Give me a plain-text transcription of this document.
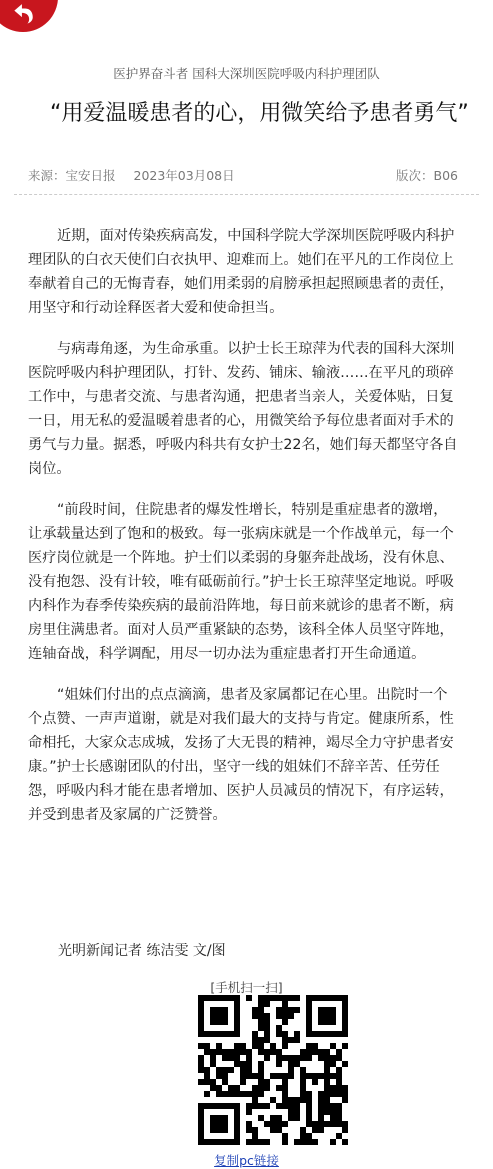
医护界奋斗者 国科大深圳医院呼吸内科护理团队
“用爱温暖患者的心，用微笑给予患者勇气”
来源：宝安日报 2023年03月08日	版次：B06

近期，面对传染疾病高发，中国科学院大学深圳医院呼吸内科护理团队的白衣天使们白衣执甲、迎难而上。她们在平凡的工作岗位上奉献着自己的无悔青春，她们用柔弱的肩膀承担起照顾患者的责任，用坚守和行动诠释医者大爱和使命担当。

与病毒角逐，为生命承重。以护士长王琼萍为代表的国科大深圳医院呼吸内科护理团队，打针、发药、铺床、输液……在平凡的琐碎工作中，与患者交流、与患者沟通，把患者当亲人，关爱体贴，日复一日，用无私的爱温暖着患者的心，用微笑给予每位患者面对手术的勇气与力量。据悉，呼吸内科共有女护士22名，她们每天都坚守各自岗位。

“前段时间，住院患者的爆发性增长，特别是重症患者的激增，让承载量达到了饱和的极致。每一张病床就是一个作战单元，每一个医疗岗位就是一个阵地。护士们以柔弱的身躯奔赴战场，没有休息、没有抱怨、没有计较，唯有砥砺前行。”护士长王琼萍坚定地说。呼吸内科作为春季传染疾病的最前沿阵地，每日前来就诊的患者不断，病房里住满患者。面对人员严重紧缺的态势，该科全体人员坚守阵地，连轴奋战，科学调配，用尽一切办法为重症患者打开生命通道。

“姐妹们付出的点点滴滴，患者及家属都记在心里。出院时一个个点赞、一声声道谢，就是对我们最大的支持与肯定。健康所系，性命相托，大家众志成城，发扬了大无畏的精神，竭尽全力守护患者安康。”护士长感谢团队的付出，坚守一线的姐妹们不辞辛苦、任劳任怨，呼吸内科才能在患者增加、医护人员减员的情况下，有序运转，并受到患者及家属的广泛赞誉。

光明新闻记者 练洁雯 文/图
[手机扫一扫]
复制pc链接
